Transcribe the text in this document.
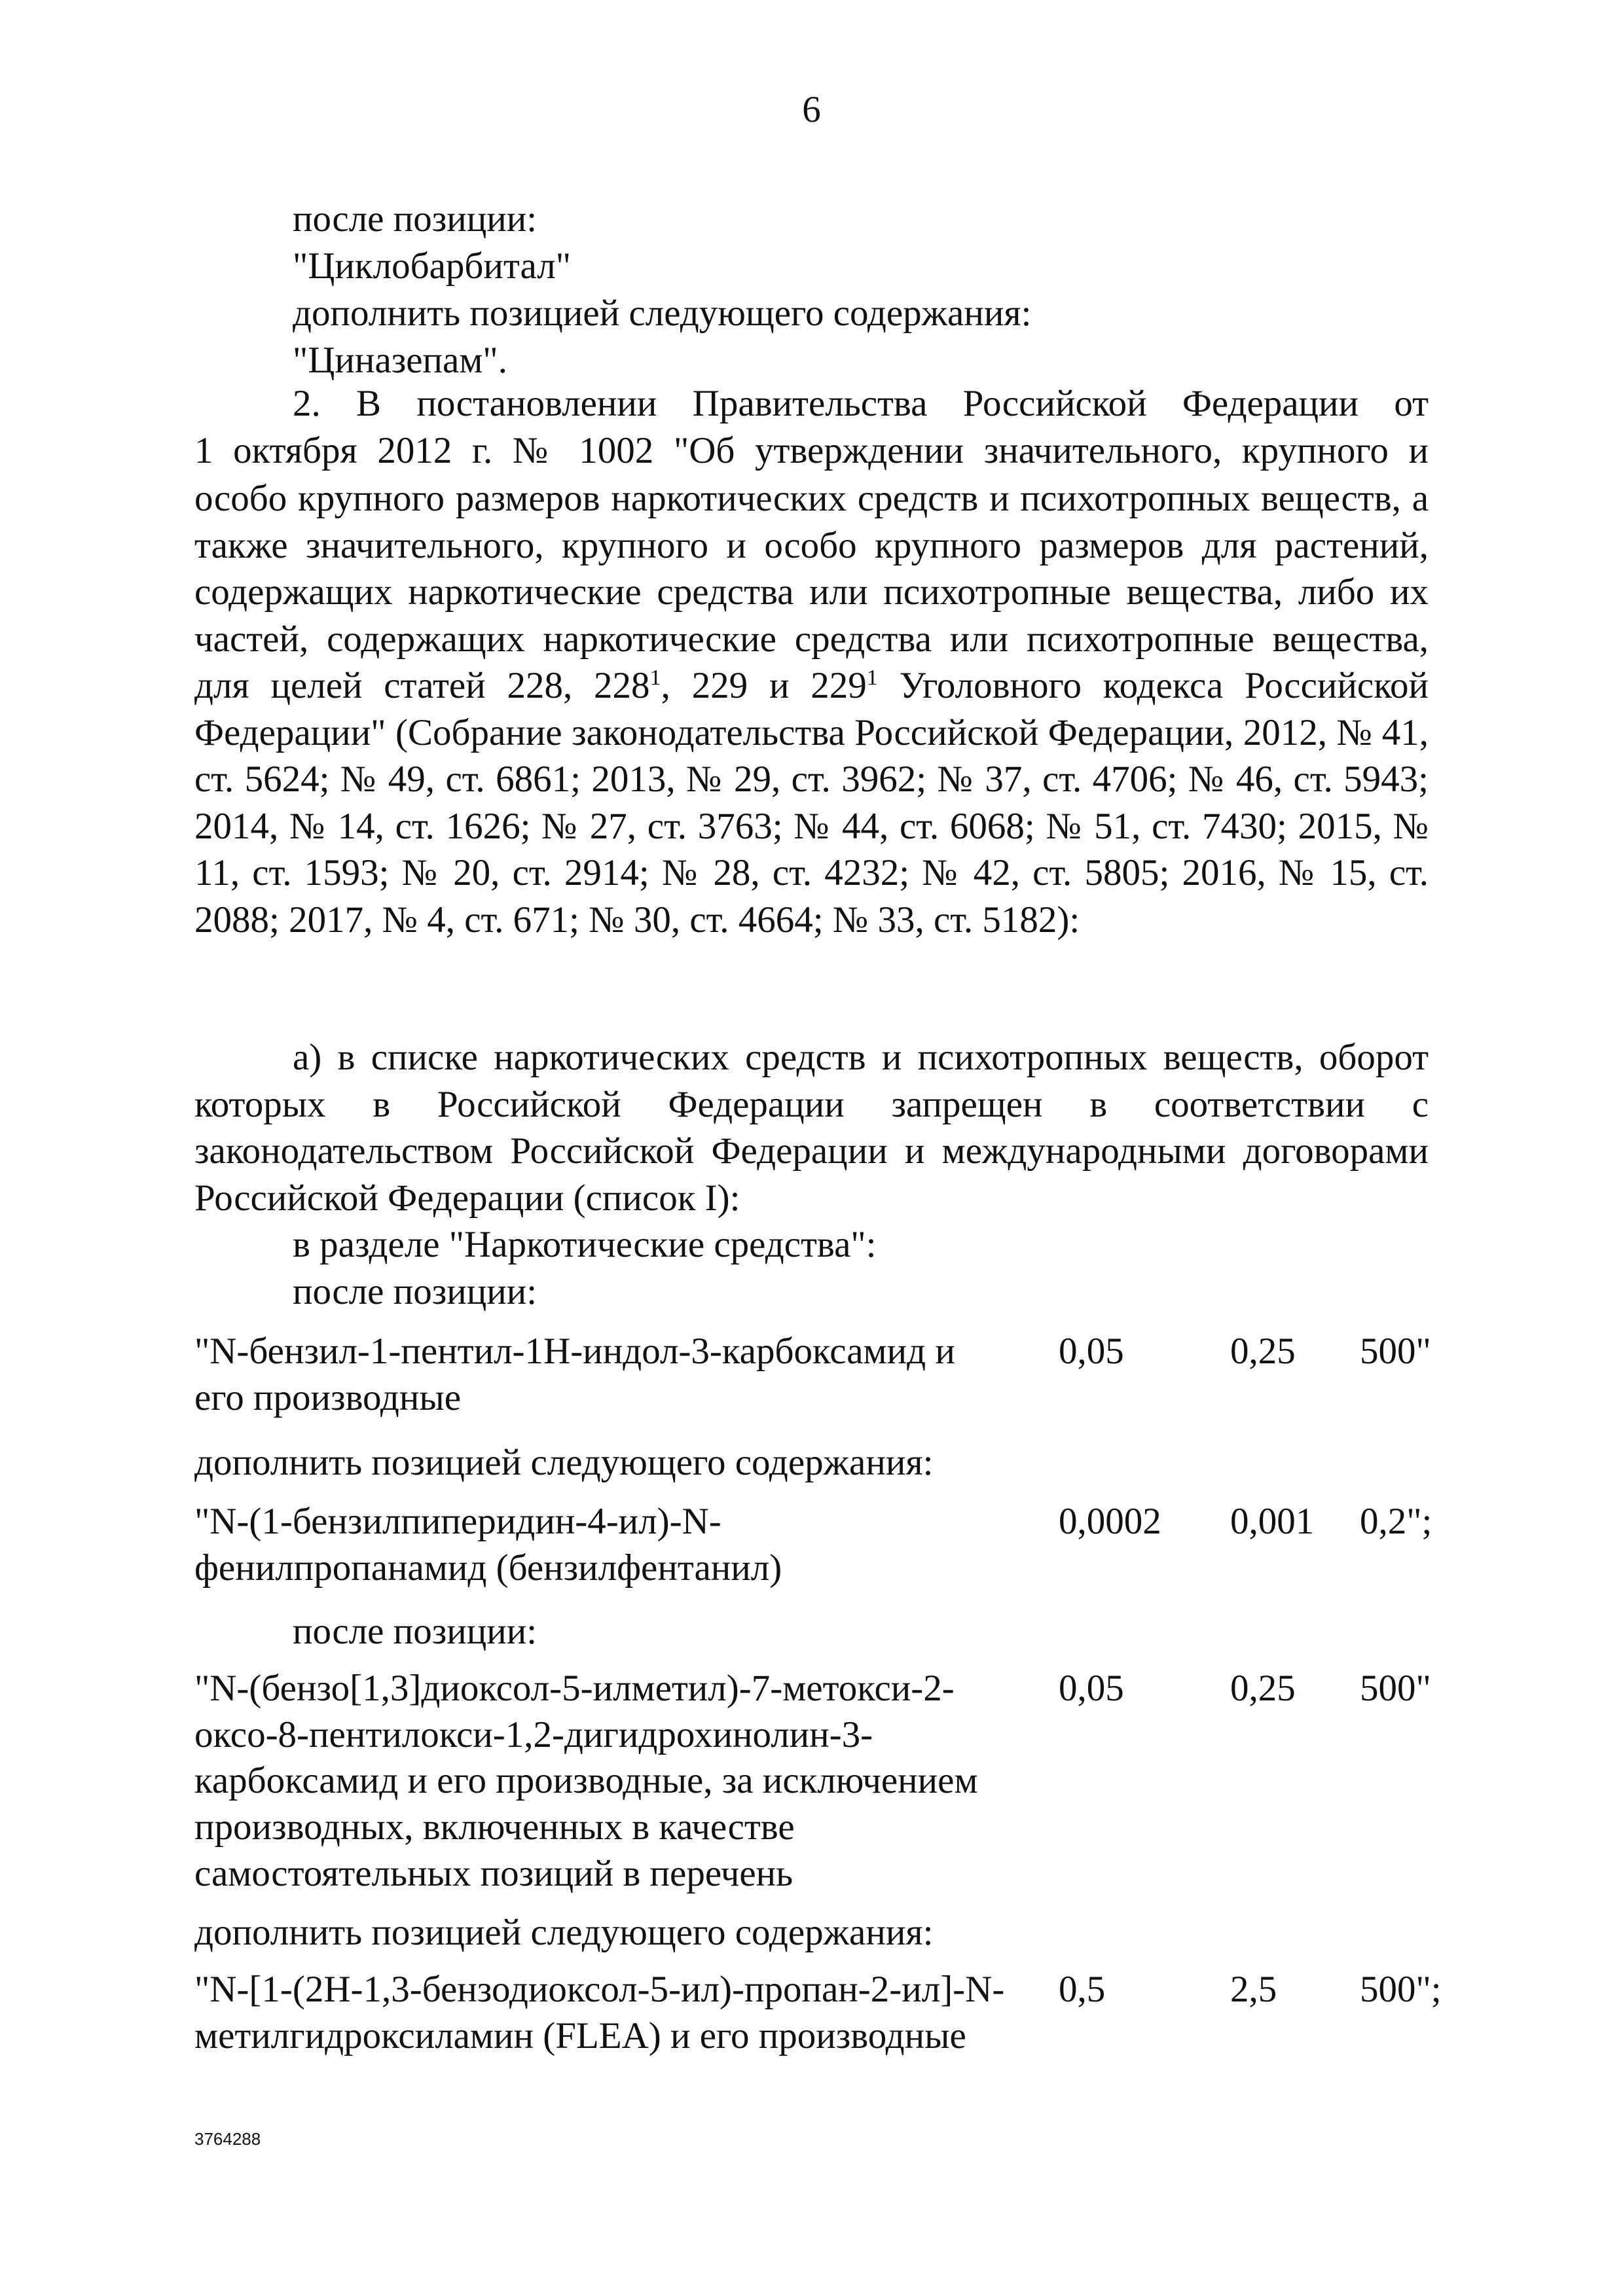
6
после позиции:
"Циклобарбитал"
дополнить позицией следующего содержания:
"Циназепам".
2. В постановлении Правительства Российской Федерации от
1 октября 2012 г. № 1002 "Об утверждении значительного, крупного и
особо крупного размеров наркотических средств и психотропных веществ, а также значительного, крупного и особо крупного размеров для растений, содержащих наркотические средства или психотропные вещества, либо их частей, содержащих наркотические средства или психотропные вещества, для целей статей 228, $228^1$, 229 и $229^1$ Уголовного кодекса Российской Федерации" (Собрание законодательства Российской Федерации, 2012, № 41, ст. 5624; № 49, ст. 6861; 2013, № 29, ст. 3962; № 37, ст. 4706; № 46, ст. 5943; 2014, № 14, ст. 1626; № 27, ст. 3763; № 44, ст. 6068; № 51, ст. 7430; 2015, № 11, ст. 1593; № 20, ст. 2914; № 28, ст. 4232; № 42, ст. 5805; 2016, № 15, ст. 2088; 2017, № 4, ст. 671; № 30, ст. 4664; № 33, ст. 5182):
а) в списке наркотических средств и психотропных веществ, оборот которых в Российской Федерации запрещен в соответствии с законодательством Российской Федерации и международными договорами Российской Федерации (список I):
в разделе "Наркотические средства":
после позиции:
"N-бензил-1-пентил-1Н-индол-3-карбоксамид и его производные
0,05	0,25 500"
дополнить позицией следующего содержания:
"N-(1-бензилпиперидин-4-ил)-N-фенилпропанамид (бензилфентанил)
0,0002 0,001 0,2";
после позиции:
"N-(бензо[1,3]диоксол-5-илметил)-7-метокси-2-оксо-8-пентилокси-1,2-дигидрохинолин-3-карбоксамид и его производные, за исключением производных, включенных в качестве самостоятельных позиций в перечень
0,05	0,25 500"
дополнить позицией следующего содержания:
"N-[1-(2Н-1,3-бензодиоксол-5-ил)-пропан-2-ил]-N-метилгидроксиламин (FLEA) и его производные
0,5	2,5 500";
3764288
